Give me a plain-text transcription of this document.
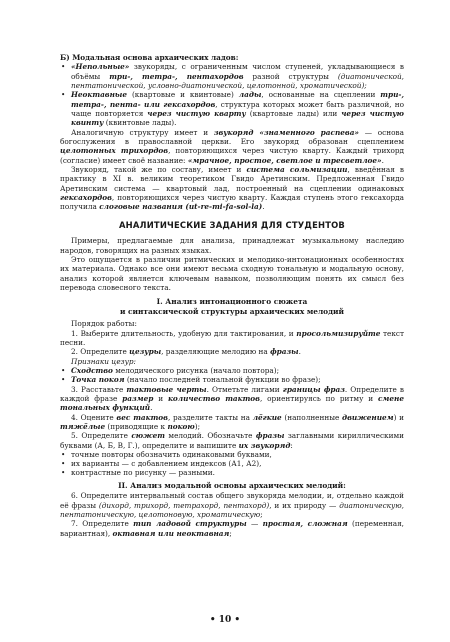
Б) Модальная основа архаических ладов:

• «Непольные» звукоряды, с ограниченным числом ступеней, укладывающиеся в объёмы три-, тетра-, пентахордов разной структуры (диатонической, пентатонической, условно-диатонической, целотонной, хроматической);
• Неоктавные (квартовые и квинтовые) лады, основанные на сцеплении три-, тетра-, пента- или гексахордов, структура которых может быть различной, но чаще повторяется через чистую кварту (квартовые лады) или через чистую квинту (квинтовые лады).

Аналогичную структуру имеет и звукоряд «знаменного распева» — основа богослужения в православной церкви. Его звукоряд образован сцеплением целотонных трихордов, повторяющихся через чистую кварту. Каждый трихорд (согласие) имеет своё название: «мрачное, простое, светлое и тресветлое».

Звукоряд, такой же по составу, имеет и система сольмизации, введённая в практику в XI в. великим теоретиком Гвидо Аретинским. Предложенная Гвидо Аретинским система — квартовый лад, построенный на сцеплении одинаковых гексахордов, повторяющихся через чистую кварту. Каждая ступень этого гексахорда получила слоговые названия (ut-re-mi-fa-sol-la).

АНАЛИТИЧЕСКИЕ ЗАДАНИЯ ДЛЯ СТУДЕНТОВ

Примеры, предлагаемые для анализа, принадлежат музыкальному наследию народов, говорящих на разных языках.

Это ощущается в различии ритмических и мелодико-интонационных особенностях их материала. Однако все они имеют весьма сходную тональную и модальную основу, анализ которой является ключевым навыком, позволяющим понять их смысл без перевода словесного текста.

I. Анализ интонационного сюжета
и синтаксической структуры архаических мелодий

Порядок работы:

1. Выберите длительность, удобную для тактирования, и просольмизируйте текст песни.

2. Определите цезуры, разделяющие мелодию на фразы.

Признаки цезур:

• Сходство мелодического рисунка (начало повтора);
• Точка покоя (начало последней тональной функции во фразе);

3. Расставьте тактовые черты. Отметьте лигами границы фраз. Определите в каждой фразе размер и количество тактов, ориентируясь по ритму и смене тональных функций.

4. Оцените вес тактов, разделите такты на лёгкие (наполненные движением) и тяжёлые (приводящие к покою);

5. Определите сюжет мелодий. Обозначьте фразы заглавными кириллическими буквами (А, Б, В, Г.), определите и выпишите их звукоряд:

• точные повторы обозначить одинаковыми буквами,
• их варианты — с добавлением индексов (А1, А2),
• контрастные по рисунку — разными.
II. Анализ модальной основы архаических мелодий:

6. Определите интервальный состав общего звукоряда мелодии, и, отдельно каждой её фразы (дихорд, трихорд, тетрахорд, пентахорд), и их природу — диатоническую, пентатоническую, целотоновую, хроматическую;

7. Определите тип ладовой структуры — простая, сложная (переменная, вариантная), октавная или неоктавная;

• 10 •
